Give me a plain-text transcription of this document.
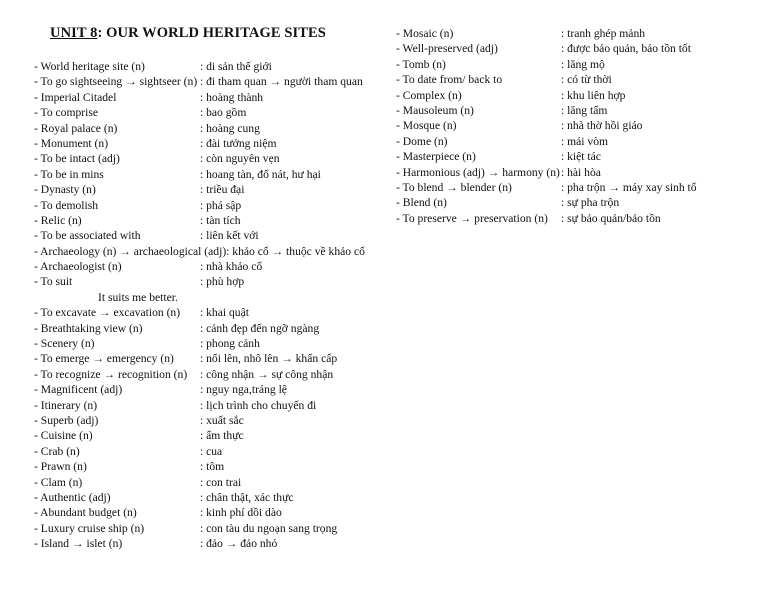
UNIT 8: OUR WORLD HERITAGE SITES
- World heritage site (n)	: di sản thế giới
- To go sightseeing → sightseer (n) : đi tham quan → người tham quan
- Imperial Citadel	: hoàng thành
- To comprise	: bao gồm
- Royal palace (n)	: hoàng cung
- Monument (n)	: đài tưởng niệm
- To be intact (adj)	: còn nguyên vẹn
- To be in mins	: hoang tàn, đổ nát, hư hại
- Dynasty (n)	: triều đại
- To demolish	: phá sập
- Relic (n)	: tàn tích
- To be associated with	: liên kết với
- Archaeology (n) → archaeological (adj): khảo cổ → thuộc về khảo cổ
- Archaeologist (n)	: nhà khảo cổ
- To suit	: phù hợp
It suits me better.
- To excavate → excavation (n) : khai quật
- Breathtaking view (n)	: cảnh đẹp đến ngỡ ngàng
- Scenery (n)	: phong cảnh
- To emerge → emergency (n) : nổi lên, nhô lên → khẩn cấp
- To recognize → recognition (n) : công nhận → sự công nhận
- Magnificent (adj)	: nguy nga,tráng lệ
- Itinerary (n)	: lịch trình cho chuyến đi
- Superb (adj)	: xuất sắc
- Cuisine (n)	: ẩm thực
- Crab (n)	: cua
- Prawn (n)	: tôm
- Clam (n)	: con trai
- Authentic (adj)	: chân thật, xác thực
- Abundant budget (n)	: kinh phí dồi dào
- Luxury cruise ship (n)	: con tàu du ngoạn sang trọng
- Island → islet (n)	: đảo → đảo nhỏ
- Mosaic (n)	: tranh ghép mảnh
- Well-preserved (adj)	: được bảo quản, bảo tồn tốt
- Tomb (n)	: lăng mộ
- To date from/ back to	: có từ thời
- Complex (n)	: khu liên hợp
- Mausoleum (n)	: lăng tẩm
- Mosque (n)	: nhà thờ hồi giáo
- Dome (n)	: mái vòm
- Masterpiece (n)	: kiệt tác
- Harmonious (adj) → harmony (n) : hài hòa
- To blend → blender (n)	: pha trộn → máy xay sinh tố
- Blend (n)	: sự pha trộn
- To preserve → preservation (n) : sự bảo quản/bảo tồn
